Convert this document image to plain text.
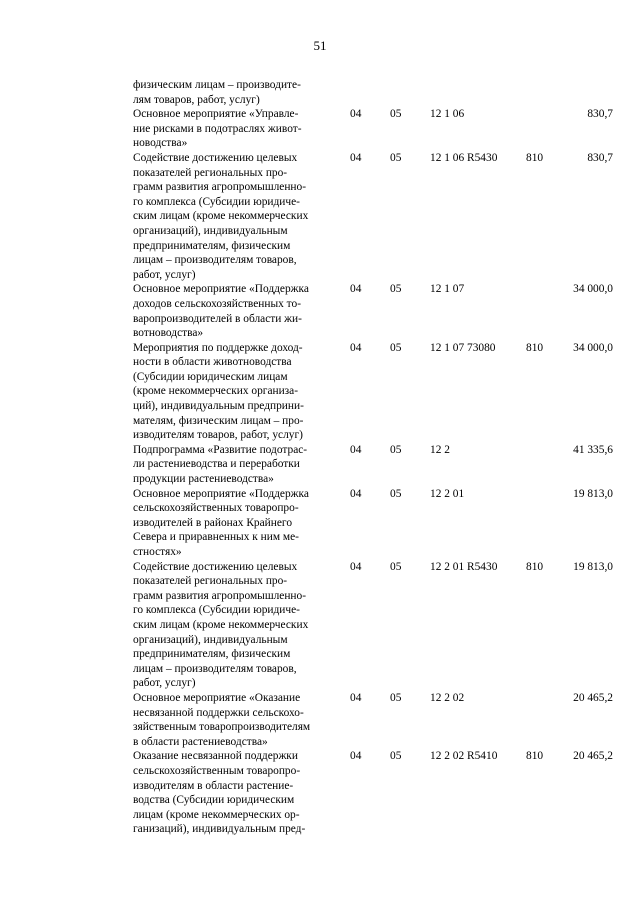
51
физическим лицам – производите-
лям товаров, работ, услуг)
Основное мероприятие «Управле-
ние рисками в подотраслях живот-
новодства»
04	05	12 1 06	830,7
Содействие достижению целевых
показателей региональных про-
грамм развития агропромышленно-
го комплекса (Субсидии юридиче-
ским лицам (кроме некоммерческих
организаций), индивидуальным
предпринимателям, физическим
лицам – производителям товаров,
работ, услуг)
04	05	12 1 06 R5430	810	830,7
Основное мероприятие «Поддержка
доходов сельскохозяйственных то-
варопроизводителей в области жи-
вотноводства»
04	05	12 1 07	34 000,0
Мероприятия по поддержке доход-
ности в области животноводства
(Субсидии юридическим лицам
(кроме некоммерческих организа-
ций), индивидуальным предприни-
мателям, физическим лицам – про-
изводителям товаров, работ, услуг)
04	05	12 1 07 73080	810	34 000,0
Подпрограмма «Развитие подотрас-
ли растениеводства и переработки
продукции растениеводства»
04	05	12 2	41 335,6
Основное мероприятие «Поддержка
сельскохозяйственных товаропро-
изводителей в районах Крайнего
Севера и приравненных к ним ме-
стностях»
04	05	12 2 01	19 813,0
Содействие достижению целевых
показателей региональных про-
грамм развития агропромышленно-
го комплекса (Субсидии юридиче-
ским лицам (кроме некоммерческих
организаций), индивидуальным
предпринимателям, физическим
лицам – производителям товаров,
работ, услуг)
04	05	12 2 01 R5430	810	19 813,0
Основное мероприятие «Оказание
несвязанной поддержки сельскохо-
зяйственным товаропроизводителям
в области растениеводства»
04	05	12 2 02	20 465,2
Оказание несвязанной поддержки
сельскохозяйственным товаропро-
изводителям в области растение-
водства (Субсидии юридическим
лицам (кроме некоммерческих ор-
ганизаций), индивидуальным пред-
04	05	12 2 02 R5410	810	20 465,2
